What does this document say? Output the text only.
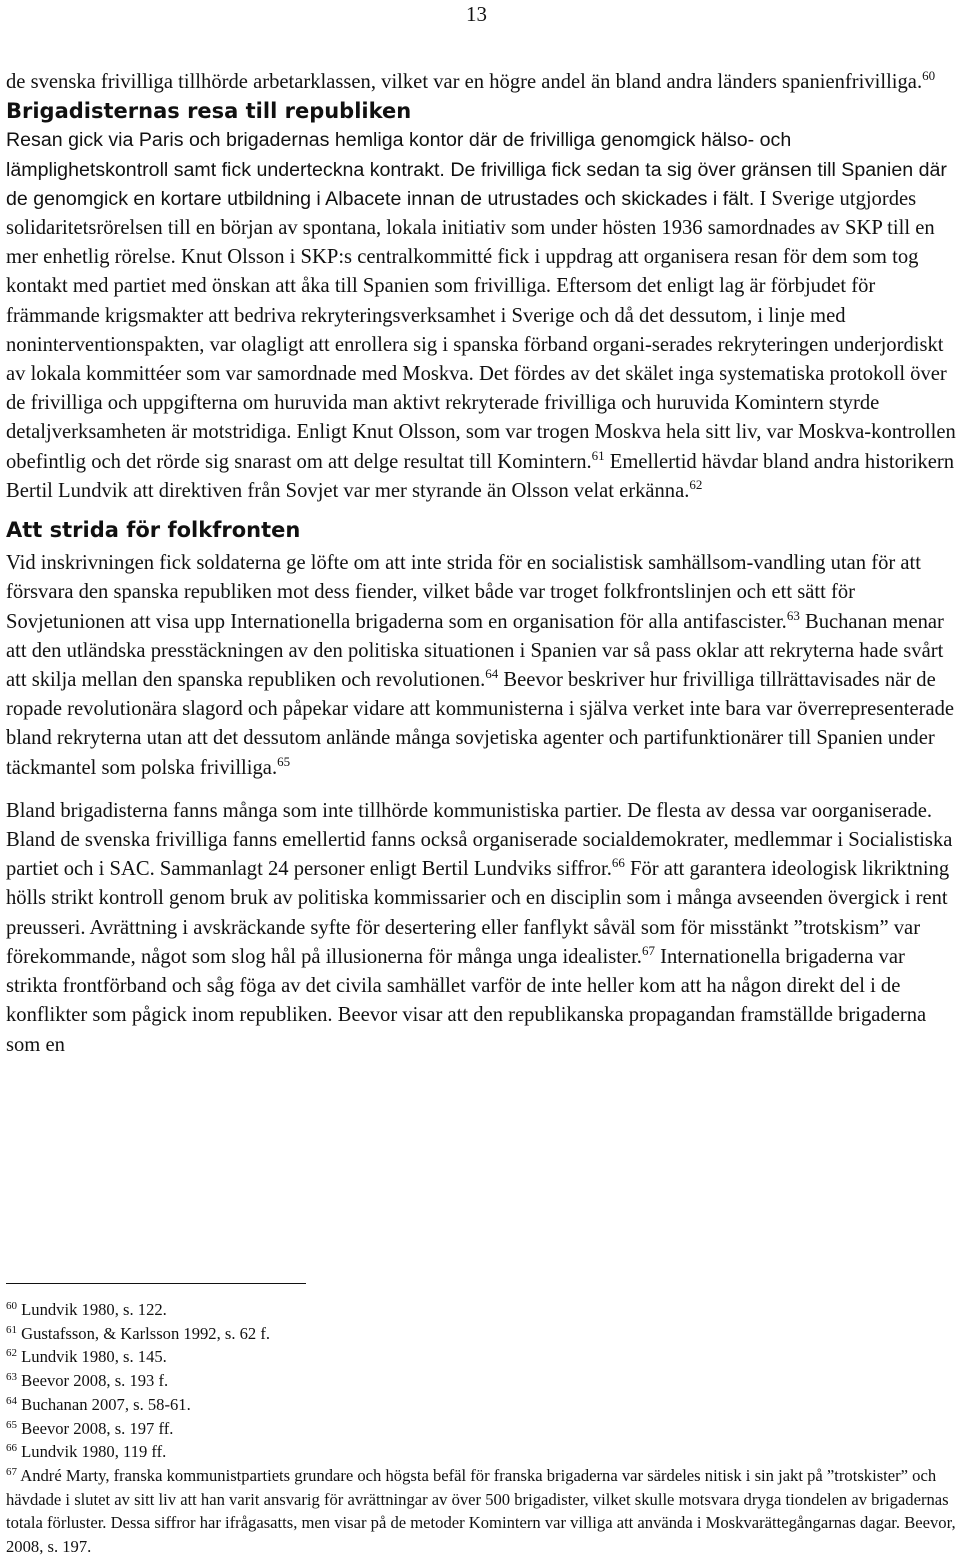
13

de svenska frivilliga tillhörde arbetarklassen, vilket var en högre andel än bland andra länders spanienfrivilliga.$^{60}$

Brigadisternas resa till republiken

Resan gick via Paris och brigadernas hemliga kontor där de frivilliga genomgick hälso- och lämplighetskontroll samt fick underteckna kontrakt. De frivilliga fick sedan ta sig över gränsen till Spanien där de genomgick en kortare utbildning i Albacete innan de utrustades och skickades i fält. I Sverige utgjordes solidaritetsrörelsen till en början av spontana, lokala initiativ som under hösten 1936 samordnades av SKP till en mer enhetlig rörelse. Knut Olsson i SKP:s centralkommitté fick i uppdrag att organisera resan för dem som tog kontakt med partiet med önskan att åka till Spanien som frivilliga. Eftersom det enligt lag är förbjudet för främmande krigsmakter att bedriva rekryteringsverksamhet i Sverige och då det dessutom, i linje med noninterventionspakten, var olagligt att enrollera sig i spanska förband organi-serades rekryteringen underjordiskt av lokala kommittéer som var samordnade med Moskva. Det fördes av det skälet inga systematiska protokoll över de frivilliga och uppgifterna om huruvida man aktivt rekryterade frivilliga och huruvida Komintern styrde detaljverksamheten är motstridiga. Enligt Knut Olsson, som var trogen Moskva hela sitt liv, var Moskva-kontrollen obefintlig och det rörde sig snarast om att delge resultat till Komintern.$^{61}$ Emellertid hävdar bland andra historikern Bertil Lundvik att direktiven från Sovjet var mer styrande än Olsson velat erkänna.$^{62}$

Att strida för folkfronten

Vid inskrivningen fick soldaterna ge löfte om att inte strida för en socialistisk samhällsom-vandling utan för att försvara den spanska republiken mot dess fiender, vilket både var troget folkfrontslinjen och ett sätt för Sovjetunionen att visa upp Internationella brigaderna som en organisation för alla antifascister.$^{63}$ Buchanan menar att den utländska presstäckningen av den politiska situationen i Spanien var så pass oklar att rekryterna hade svårt att skilja mellan den spanska republiken och revolutionen.$^{64}$ Beevor beskriver hur frivilliga tillrättavisades när de ropade revolutionära slagord och påpekar vidare att kommunisterna i själva verket inte bara var överrepresenterade bland rekryterna utan att det dessutom anlände många sovjetiska agenter och partifunktionärer till Spanien under täckmantel som polska frivilliga.$^{65}$

Bland brigadisterna fanns många som inte tillhörde kommunistiska partier. De flesta av dessa var oorganiserade. Bland de svenska frivilliga fanns emellertid fanns också organiserade socialdemokrater, medlemmar i Socialistiska partiet och i SAC. Sammanlagt 24 personer enligt Bertil Lundviks siffror.$^{66}$ För att garantera ideologisk likriktning hölls strikt kontroll genom bruk av politiska kommissarier och en disciplin som i många avseenden övergick i rent preusseri. Avrättning i avskräckande syfte för desertering eller fanflykt såväl som för misstänkt ”trotskism” var förekommande, något som slog hål på illusionerna för många unga idealister.$^{67}$ Internationella brigaderna var strikta frontförband och såg föga av det civila samhället varför de inte heller kom att ha någon direkt del i de konflikter som pågick inom republiken. Beevor visar att den republikanska propagandan framställde brigaderna som en

$^{60}$ Lundvik 1980, s. 122.
$^{61}$ Gustafsson, & Karlsson 1992, s. 62 f.
$^{62}$ Lundvik 1980, s. 145.
$^{63}$ Beevor 2008, s. 193 f.
$^{64}$ Buchanan 2007, s. 58-61.
$^{65}$ Beevor 2008, s. 197 ff.
$^{66}$ Lundvik 1980, 119 ff.
$^{67}$ André Marty, franska kommunistpartiets grundare och högsta befäl för franska brigaderna var särdeles nitisk i sin jakt på ”trotskister” och hävdade i slutet av sitt liv att han varit ansvarig för avrättningar av över 500 brigadister, vilket skulle motsvara dryga tiondelen av brigadernas totala förluster. Dessa siffror har ifrågasatts, men visar på de metoder Komintern var villiga att använda i Moskvarättegångarnas dagar. Beevor, 2008, s. 197.
